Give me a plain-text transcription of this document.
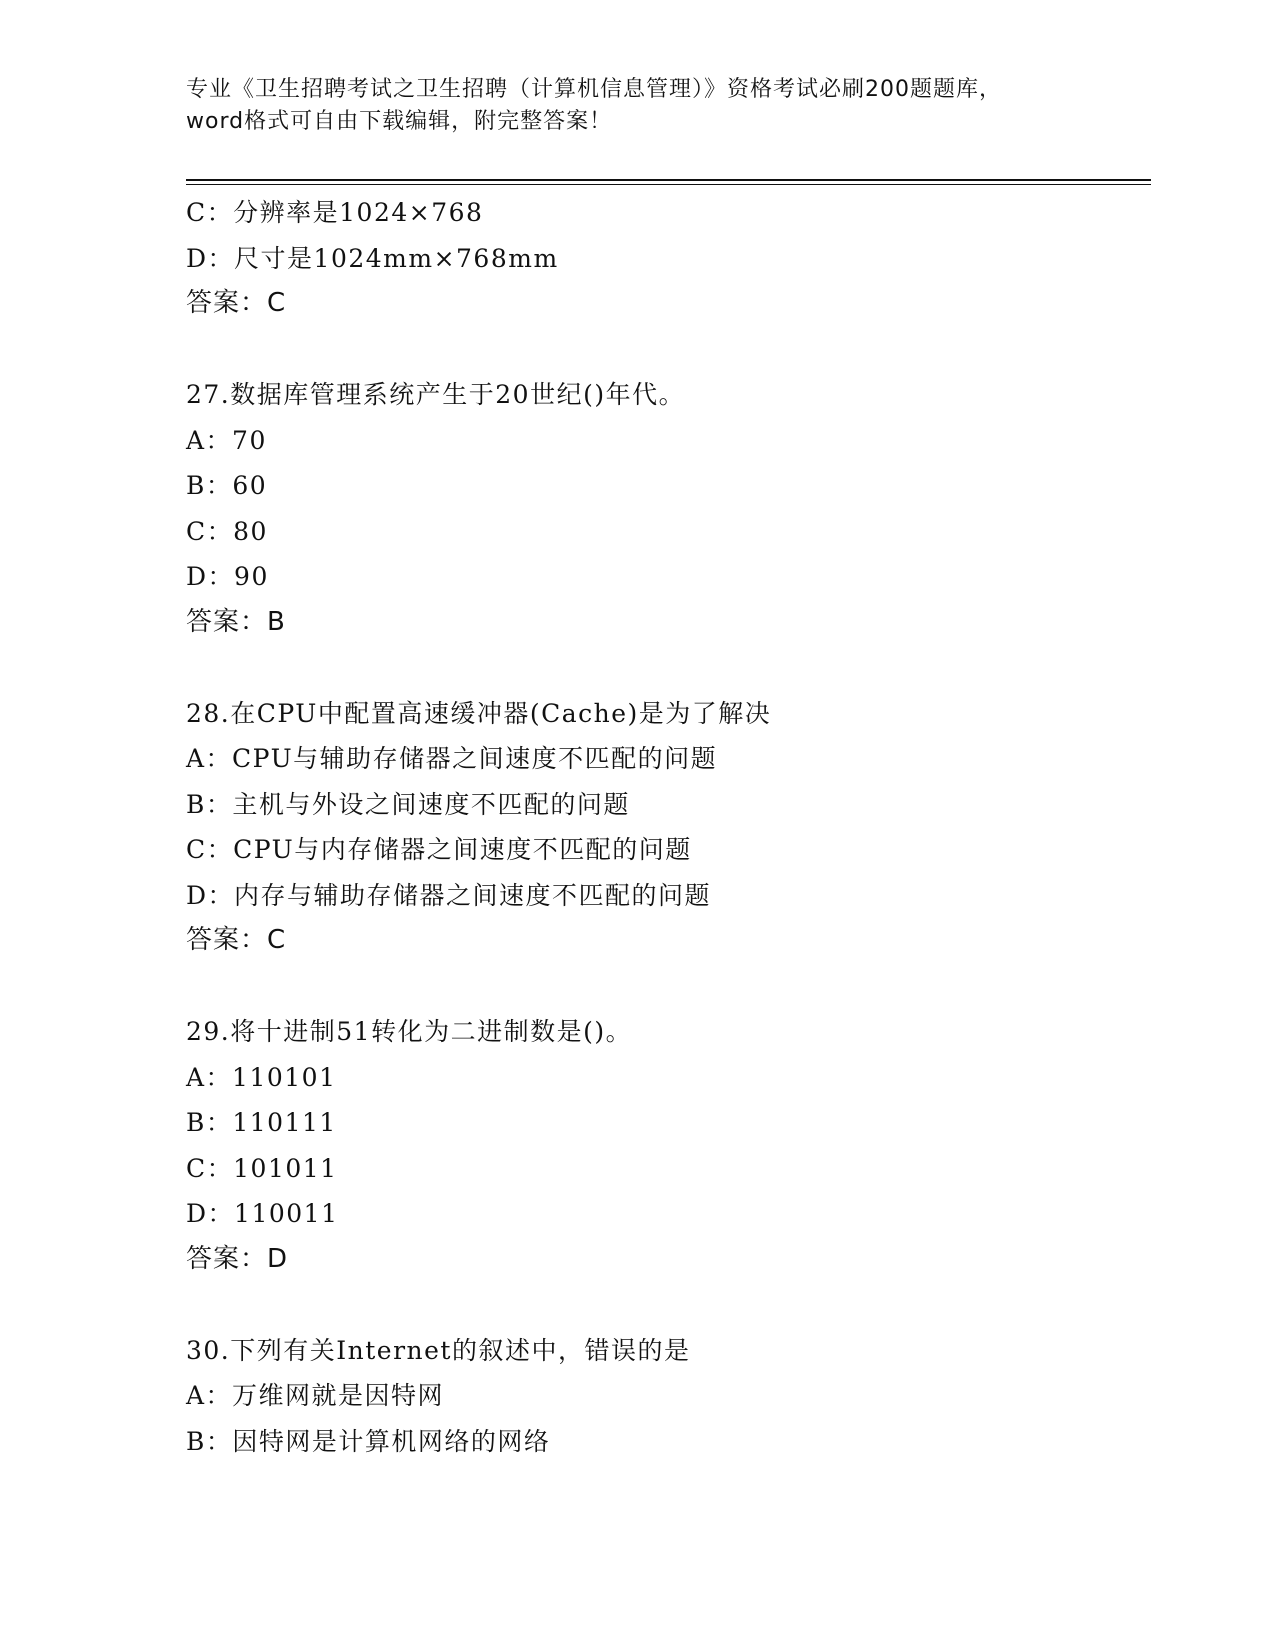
专业《卫生招聘考试之卫生招聘（计算机信息管理）》资格考试必刷200题题库，
word格式可自由下载编辑，附完整答案！
C：分辨率是1024×768
D：尺寸是1024mm×768mm
答案：C
27.数据库管理系统产生于20世纪()年代。
A：70
B：60
C：80
D：90
答案：B
28.在CPU中配置高速缓冲器(Cache)是为了解决
A：CPU与辅助存储器之间速度不匹配的问题
B：主机与外设之间速度不匹配的问题
C：CPU与内存储器之间速度不匹配的问题
D：内存与辅助存储器之间速度不匹配的问题
答案：C
29.将十进制51转化为二进制数是()。
A：110101
B：110111
C：101011
D：110011
答案：D
30.下列有关Internet的叙述中，错误的是
A：万维网就是因特网
B：因特网是计算机网络的网络
